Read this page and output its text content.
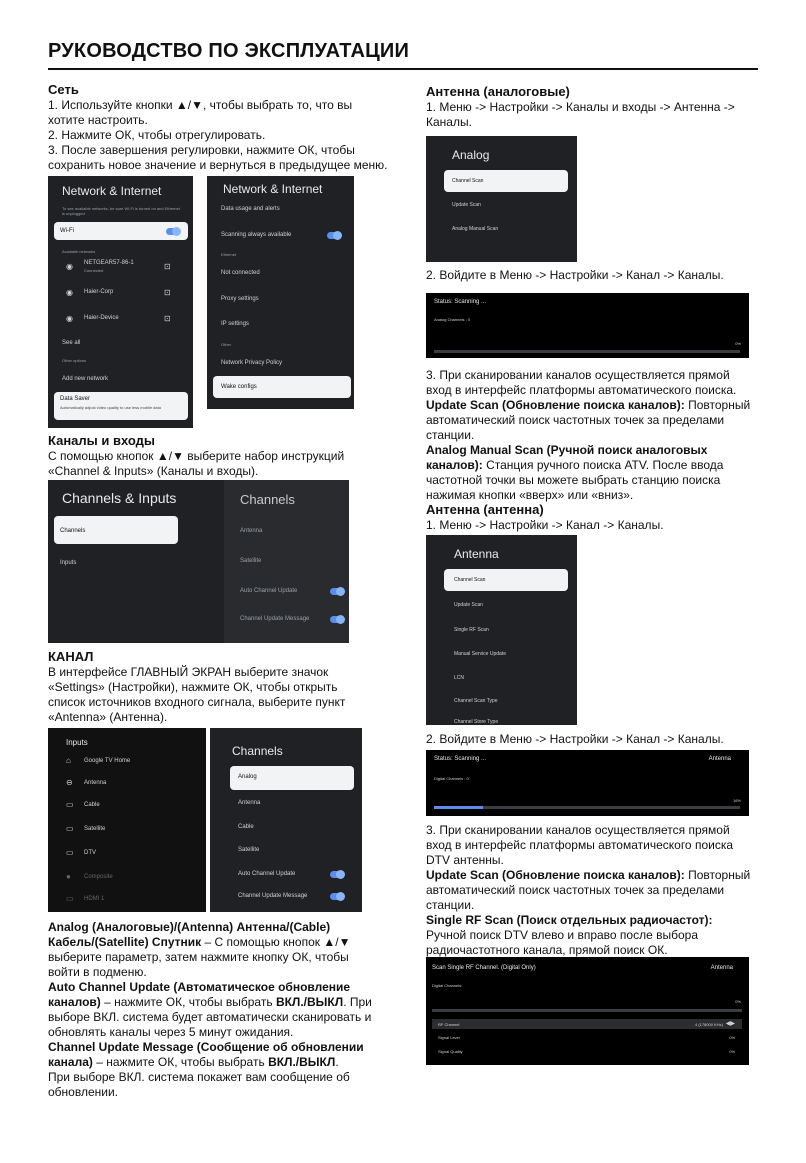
РУКОВОДСТВО ПО ЭКСПЛУАТАЦИИ
Сеть
1. Используйте кнопки ▲/▼, чтобы выбрать то, что вы
хотите настроить.
2. Нажмите ОК, чтобы отрегулировать.
3. После завершения регулировки, нажмите ОК, чтобы
сохранить новое значение и вернуться в предыдущее меню.
Network & Internet
To see available networks, be sure Wi-Fi is turned on and Ethernet is unplugged
Wi-Fi
Available networks
◉ NETGEAR57-86-1
Connected	⊡
◉ Haier-Corp	⊡
◉ Haier-Device	⊡
See all
Other options
Add new network
Data Saver
Automatically adjust video quality to use less mobile data
Network & Internet
Data usage and alerts
Scanning always available
Ethernet
Not connected
Proxy settings
IP settings
Other
Network Privacy Policy
Wake configs
Каналы и входы
С помощью кнопок ▲/▼ выберите набор инструкций
«Channel & Inputs» (Каналы и входы).
Channels & Inputs
Channels
Inputs
Channels
Antenna
Satellite
Auto Channel Update
Channel Update Message
КАНАЛ
В интерфейсе ГЛАВНЫЙ ЭКРАН выберите значок
«Settings» (Настройки), нажмите ОК, чтобы открыть
список источников входного сигнала, выберите пункт
«Antenna» (Антенна).
Inputs
⌂ Google TV Home
⊖ Antenna
▭ Cable
▭ Satellite
▭ DTV
● Composite
▭ HDMI 1
Channels
Analog
Antenna
Cable
Satellite
Auto Channel Update
Channel Update Message
Analog (Аналоговые)/(Antenna) Антенна/(Cable)
Кабель/(Satellite) Спутник – С помощью кнопок ▲/▼
выберите параметр, затем нажмите кнопку ОК, чтобы
войти в подменю.
Auto Channel Update (Автоматическое обновление
каналов) – нажмите ОК, чтобы выбрать ВКЛ./ВЫКЛ. При
выборе ВКЛ. система будет автоматически сканировать и
обновлять каналы через 5 минут ожидания.
Channel Update Message (Сообщение об обновлении
канала) – нажмите ОК, чтобы выбрать ВКЛ./ВЫКЛ.
При выборе ВКЛ. система покажет вам сообщение об
обновлении.
Антенна (аналоговые)
1. Меню -> Настройки -> Каналы и входы -> Антенна ->
Каналы.
Analog
Channel Scan
Update Scan
Analog Manual Scan
2. Войдите в Меню -> Настройки -> Канал -> Каналы.
Status: Scanning ...
Analog Channels : 0
0%
3. При сканировании каналов осуществляется прямой
вход в интерфейс платформы автоматического поиска.
Update Scan (Обновление поиска каналов): Повторный
автоматический поиск частотных точек за пределами
станции.
Analog Manual Scan (Ручной поиск аналоговых
каналов): Станция ручного поиска ATV. После ввода
частотной точки вы можете выбрать станцию поиска
нажимая кнопки «вверх» или «вниз».
Антенна (антенна)
1. Меню -> Настройки -> Канал -> Каналы.
Antenna
Channel Scan
Update Scan
Single RF Scan
Manual Service Update
LCN
Channel Scan Type
Channel Store Type
2. Войдите в Меню -> Настройки -> Канал -> Каналы.
Status: Scanning ...	Antenna
Digital Channels : 0
16%
3. При сканировании каналов осуществляется прямой
вход в интерфейс платформы автоматического поиска
DTV антенны.
Update Scan (Обновление поиска каналов): Повторный
автоматический поиск частотных точек за пределами
станции.
Single RF Scan (Поиск отдельных радиочастот):
Ручной поиск DTV влево и вправо после выбора
радиочастотного канала, прямой поиск ОК.
Scan Single RF Channel. (Digital Only)	Antenna
Digital Channels:
0%
RF Channel	4 (178000 KHz) ◀▶
Signal Level	0%
Signal Quality	0%
